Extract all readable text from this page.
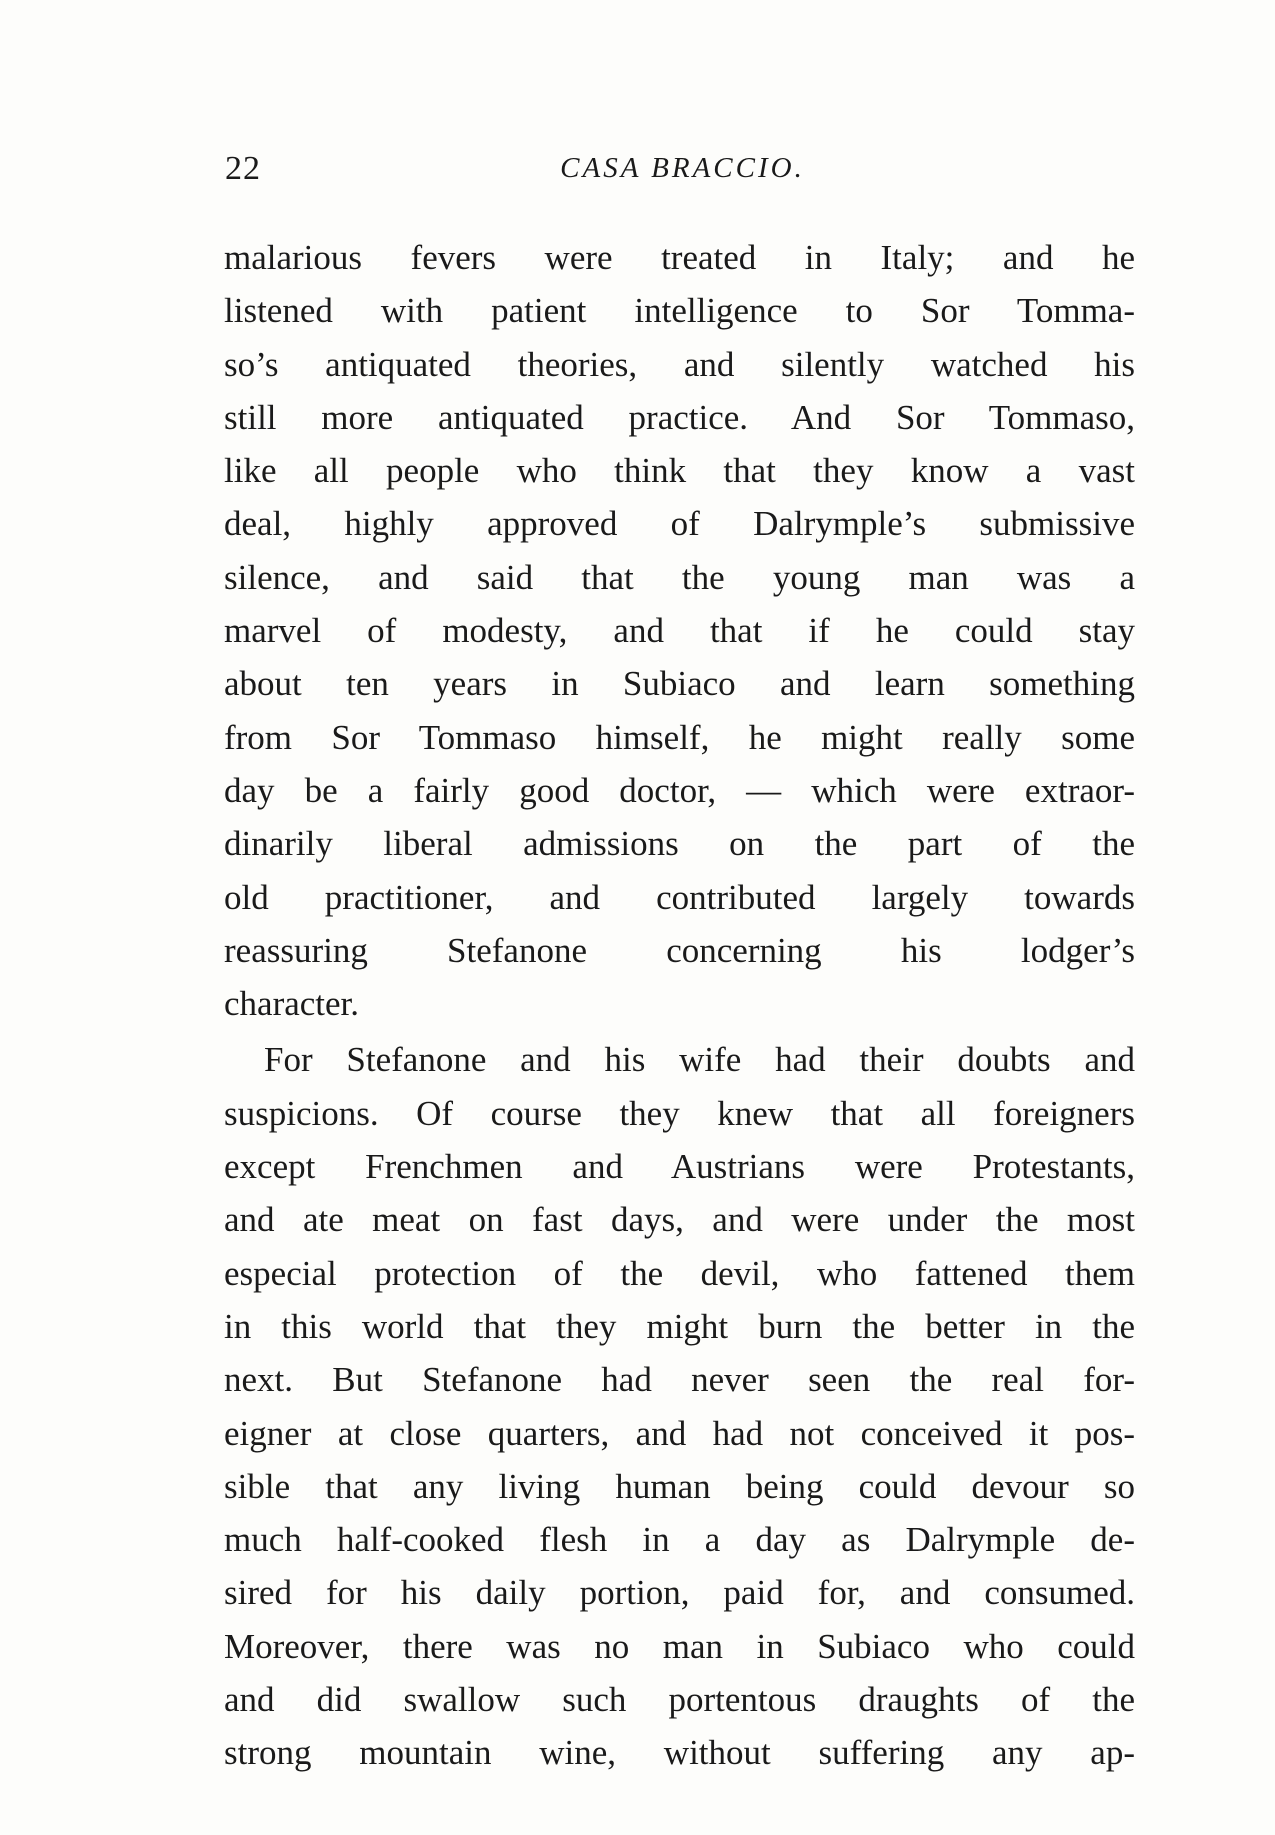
22	CASA BRACCIO.
malarious fevers were treated in Italy; and he
listened with patient intelligence to Sor Tomma-
so’s antiquated theories, and silently watched his
still more antiquated practice. And Sor Tommaso,
like all people who think that they know a vast
deal, highly approved of Dalrymple’s submissive
silence, and said that the young man was a
marvel of modesty, and that if he could stay
about ten years in Subiaco and learn something
from Sor Tommaso himself, he might really some
day be a fairly good doctor, — which were extraor-
dinarily liberal admissions on the part of the
old practitioner, and contributed largely towards
reassuring Stefanone concerning his lodger’s
character.
For Stefanone and his wife had their doubts and
suspicions. Of course they knew that all foreigners
except Frenchmen and Austrians were Protestants,
and ate meat on fast days, and were under the most
especial protection of the devil, who fattened them
in this world that they might burn the better in the
next. But Stefanone had never seen the real for-
eigner at close quarters, and had not conceived it pos-
sible that any living human being could devour so
much half-cooked flesh in a day as Dalrymple de-
sired for his daily portion, paid for, and consumed.
Moreover, there was no man in Subiaco who could
and did swallow such portentous draughts of the
strong mountain wine, without suffering any ap-
